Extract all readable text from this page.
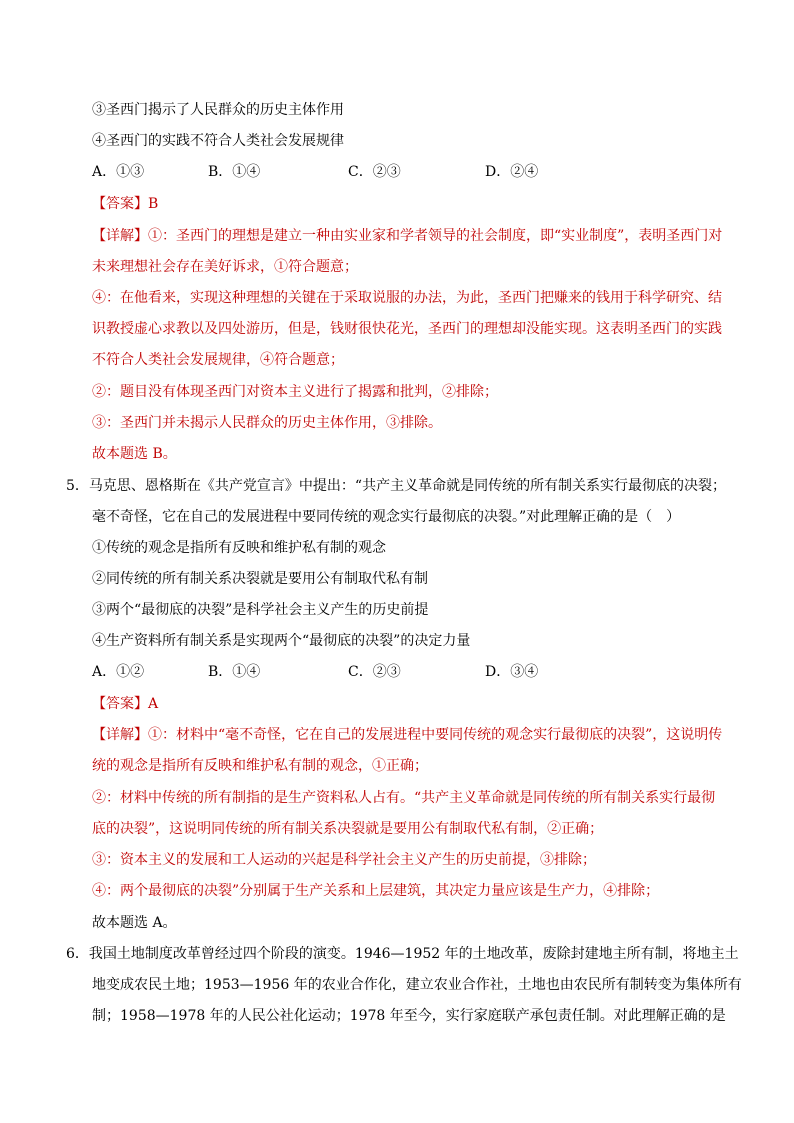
③圣西门揭示了人民群众的历史主体作用
④圣西门的实践不符合人类社会发展规律
A．①③	B．①④	C．②③	D．②④
【答案】B
【详解】①：圣西门的理想是建立一种由实业家和学者领导的社会制度，即“实业制度”，表明圣西门对
未来理想社会存在美好诉求，①符合题意；
④：在他看来，实现这种理想的关键在于采取说服的办法，为此，圣西门把赚来的钱用于科学研究、结
识教授虚心求教以及四处游历，但是，钱财很快花光，圣西门的理想却没能实现。这表明圣西门的实践
不符合人类社会发展规律，④符合题意；
②：题目没有体现圣西门对资本主义进行了揭露和批判，②排除；
③：圣西门并未揭示人民群众的历史主体作用，③排除。
故本题选 B。
5．马克思、恩格斯在《共产党宣言》中提出：“共产主义革命就是同传统的所有制关系实行最彻底的决裂；
毫不奇怪，它在自己的发展进程中要同传统的观念实行最彻底的决裂。”对此理解正确的是（　）
①传统的观念是指所有反映和维护私有制的观念
②同传统的所有制关系决裂就是要用公有制取代私有制
③两个“最彻底的决裂”是科学社会主义产生的历史前提
④生产资料所有制关系是实现两个“最彻底的决裂”的决定力量
A．①②	B．①④	C．②③	D．③④
【答案】A
【详解】①：材料中“毫不奇怪，它在自己的发展进程中要同传统的观念实行最彻底的决裂”，这说明传
统的观念是指所有反映和维护私有制的观念，①正确；
②：材料中传统的所有制指的是生产资料私人占有。“共产主义革命就是同传统的所有制关系实行最彻
底的决裂”，这说明同传统的所有制关系决裂就是要用公有制取代私有制，②正确；
③：资本主义的发展和工人运动的兴起是科学社会主义产生的历史前提，③排除；
④：两个最彻底的决裂”分别属于生产关系和上层建筑，其决定力量应该是生产力，④排除；
故本题选 A。
6．我国土地制度改革曾经过四个阶段的演变。1946—1952 年的土地改革，废除封建地主所有制，将地主土
地变成农民土地；1953—1956 年的农业合作化，建立农业合作社，土地也由农民所有制转变为集体所有
制；1958—1978 年的人民公社化运动；1978 年至今，实行家庭联产承包责任制。对此理解正确的是
